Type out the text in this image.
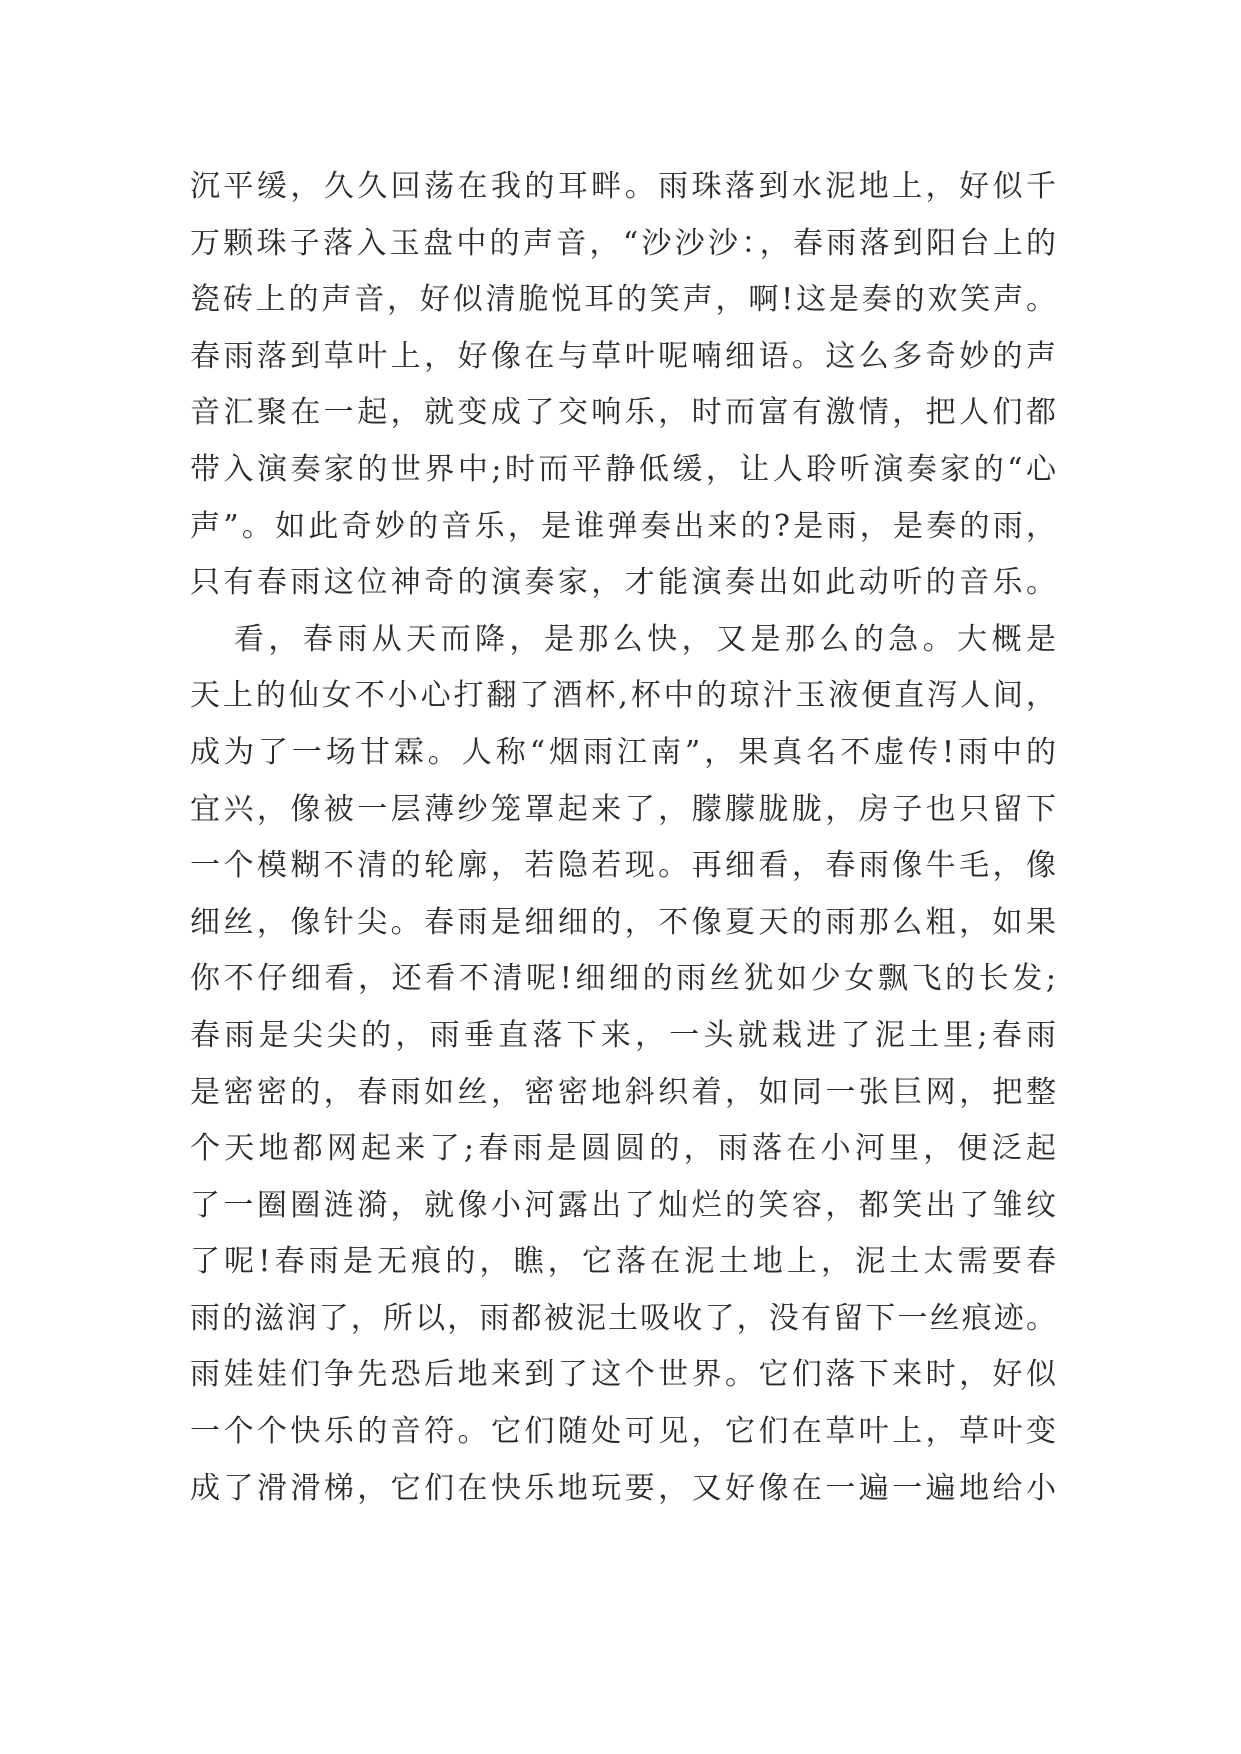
沉平缓，久久回荡在我的耳畔。雨珠落到水泥地上，好似千
万颗珠子落入玉盘中的声音，“沙沙沙：，春雨落到阳台上的
瓷砖上的声音，好似清脆悦耳的笑声，啊!这是奏的欢笑声。
春雨落到草叶上，好像在与草叶呢喃细语。这么多奇妙的声
音汇聚在一起，就变成了交响乐，时而富有激情，把人们都
带入演奏家的世界中;时而平静低缓，让人聆听演奏家的“心
声”。如此奇妙的音乐，是谁弹奏出来的?是雨，是奏的雨，
只有春雨这位神奇的演奏家，才能演奏出如此动听的音乐。
看，春雨从天而降，是那么快，又是那么的急。大概是
天上的仙女不小心打翻了酒杯,杯中的琼汁玉液便直泻人间，
成为了一场甘霖。人称“烟雨江南”，果真名不虚传!雨中的
宜兴，像被一层薄纱笼罩起来了，朦朦胧胧，房子也只留下
一个模糊不清的轮廓，若隐若现。再细看，春雨像牛毛，像
细丝，像针尖。春雨是细细的，不像夏天的雨那么粗，如果
你不仔细看，还看不清呢!细细的雨丝犹如少女飘飞的长发;
春雨是尖尖的，雨垂直落下来，一头就栽进了泥土里;春雨
是密密的，春雨如丝，密密地斜织着，如同一张巨网，把整
个天地都网起来了;春雨是圆圆的，雨落在小河里，便泛起
了一圈圈涟漪，就像小河露出了灿烂的笑容，都笑出了雏纹
了呢!春雨是无痕的，瞧，它落在泥土地上，泥土太需要春
雨的滋润了，所以，雨都被泥土吸收了，没有留下一丝痕迹。
雨娃娃们争先恐后地来到了这个世界。它们落下来时，好似
一个个快乐的音符。它们随处可见，它们在草叶上，草叶变
成了滑滑梯，它们在快乐地玩要，又好像在一遍一遍地给小
